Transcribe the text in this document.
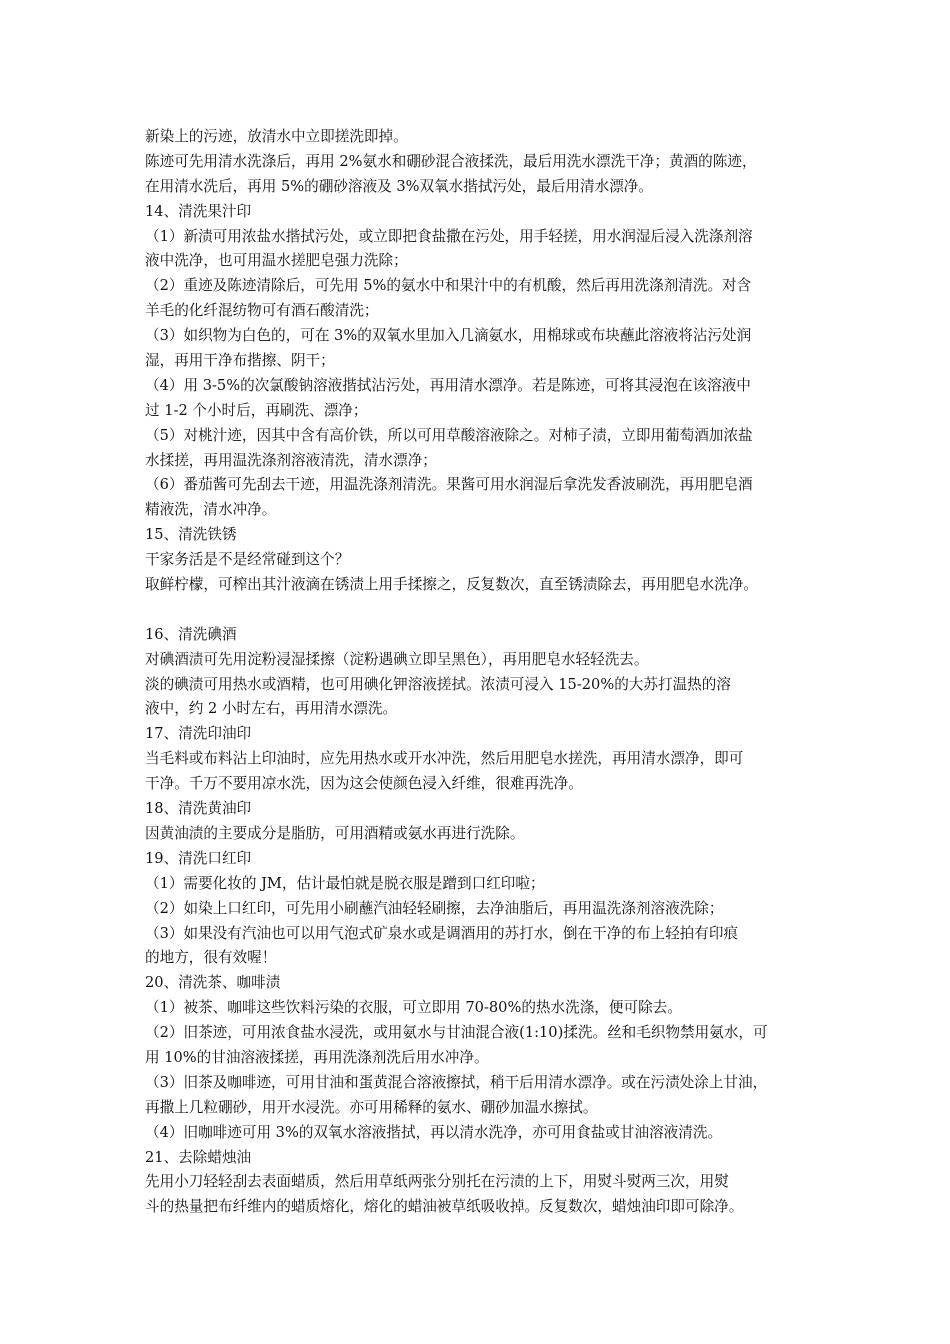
新染上的污迹，放清水中立即搓洗即掉。
陈迹可先用清水洗涤后，再用 2%氨水和硼砂混合液揉洗，最后用洗水漂洗干净；黄酒的陈迹，
在用清水洗后，再用 5%的硼砂溶液及 3%双氧水揩拭污处，最后用清水漂净。
14、清洗果汁印
（1）新渍可用浓盐水揩拭污处，或立即把食盐撒在污处，用手轻搓，用水润湿后浸入洗涤剂溶
液中洗净，也可用温水搓肥皂强力洗除；
（2）重迹及陈迹清除后，可先用 5%的氨水中和果汁中的有机酸，然后再用洗涤剂清洗。对含
羊毛的化纤混纺物可有酒石酸清洗；
（3）如织物为白色的，可在 3%的双氧水里加入几滴氨水，用棉球或布块蘸此溶液将沾污处润
湿，再用干净布揩擦、阴干；
（4）用 3-5%的次氯酸钠溶液揩拭沾污处，再用清水漂净。若是陈迹，可将其浸泡在该溶液中
过 1-2 个小时后，再刷洗、漂净；
（5）对桃汁迹，因其中含有高价铁，所以可用草酸溶液除之。对柿子渍，立即用葡萄酒加浓盐
水揉搓，再用温洗涤剂溶液清洗，清水漂净；
（6）番茄酱可先刮去干迹，用温洗涤剂清洗。果酱可用水润湿后拿洗发香波刷洗，再用肥皂酒
精液洗，清水冲净。
15、清洗铁锈
干家务活是不是经常碰到这个？
取鲜柠檬，可榨出其汁液滴在锈渍上用手揉擦之，反复数次，直至锈渍除去，再用肥皂水洗净。
16、清洗碘酒
对碘酒渍可先用淀粉浸湿揉擦（淀粉遇碘立即呈黑色），再用肥皂水轻轻洗去。
淡的碘渍可用热水或酒精，也可用碘化钾溶液搓拭。浓渍可浸入 15-20%的大苏打温热的溶
液中，约 2 小时左右，再用清水漂洗。
17、清洗印油印
当毛料或布料沾上印油时，应先用热水或开水冲洗，然后用肥皂水搓洗，再用清水漂净，即可
干净。千万不要用凉水洗，因为这会使颜色浸入纤维，很难再洗净。
18、清洗黄油印
因黄油渍的主要成分是脂肪，可用酒精或氨水再进行洗除。
19、清洗口红印
（1）需要化妆的 JM，估计最怕就是脱衣服是蹭到口红印啦；
（2）如染上口红印，可先用小刷蘸汽油轻轻刷擦，去净油脂后，再用温洗涤剂溶液洗除；
（3）如果没有汽油也可以用气泡式矿泉水或是调酒用的苏打水，倒在干净的布上轻拍有印痕
的地方，很有效喔！
20、清洗茶、咖啡渍
（1）被茶、咖啡这些饮料污染的衣服，可立即用 70-80%的热水洗涤，便可除去。
（2）旧茶迹，可用浓食盐水浸洗，或用氨水与甘油混合液(1:10)揉洗。丝和毛织物禁用氨水，可
用 10%的甘油溶液揉搓，再用洗涤剂洗后用水冲净。
（3）旧茶及咖啡迹，可用甘油和蛋黄混合溶液擦拭，稍干后用清水漂净。或在污渍处涂上甘油，
再撒上几粒硼砂，用开水浸洗。亦可用稀释的氨水、硼砂加温水擦拭。
（4）旧咖啡迹可用 3%的双氧水溶液揩拭，再以清水洗净，亦可用食盐或甘油溶液清洗。
21、去除蜡烛油
先用小刀轻轻刮去表面蜡质，然后用草纸两张分别托在污渍的上下，用熨斗熨两三次，用熨
斗的热量把布纤维内的蜡质熔化，熔化的蜡油被草纸吸收掉。反复数次，蜡烛油印即可除净。
